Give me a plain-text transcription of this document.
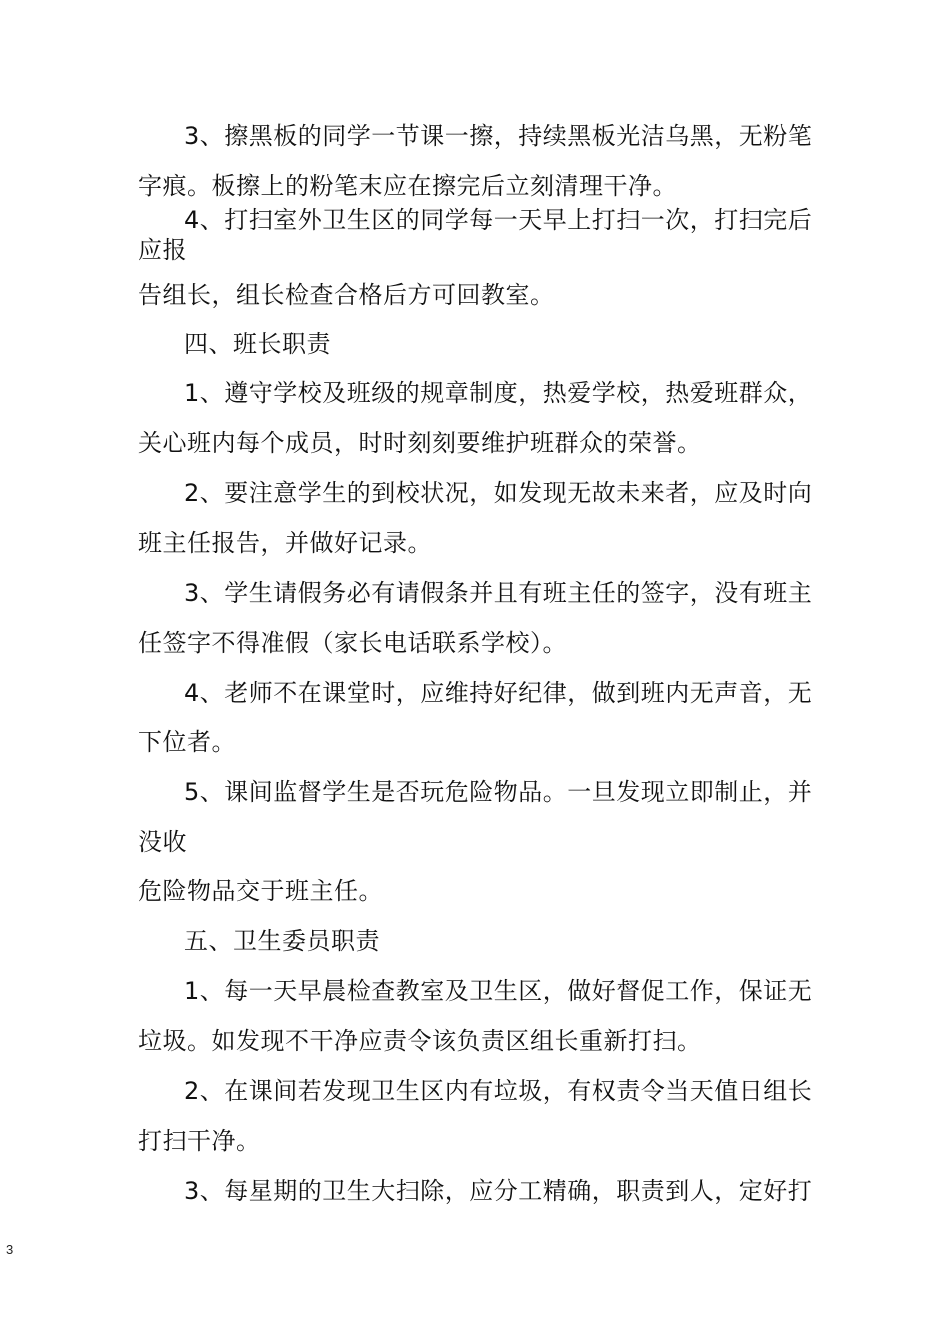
3、擦黑板的同学一节课一擦，持续黑板光洁乌黑，无粉笔
字痕。板擦上的粉笔末应在擦完后立刻清理干净。
4、打扫室外卫生区的同学每一天早上打扫一次，打扫完后
应报
告组长，组长检查合格后方可回教室。
四、班长职责
1、遵守学校及班级的规章制度，热爱学校，热爱班群众，
关心班内每个成员，时时刻刻要维护班群众的荣誉。
2、要注意学生的到校状况，如发现无故未来者，应及时向
班主任报告，并做好记录。
3、学生请假务必有请假条并且有班主任的签字，没有班主
任签字不得准假（家长电话联系学校）。
4、老师不在课堂时，应维持好纪律，做到班内无声音，无
下位者。
5、课间监督学生是否玩危险物品。一旦发现立即制止，并
没收
危险物品交于班主任。
五、卫生委员职责
1、每一天早晨检查教室及卫生区，做好督促工作，保证无
垃圾。如发现不干净应责令该负责区组长重新打扫。
2、在课间若发现卫生区内有垃圾，有权责令当天值日组长
打扫干净。
3、每星期的卫生大扫除，应分工精确，职责到人，定好打
3
